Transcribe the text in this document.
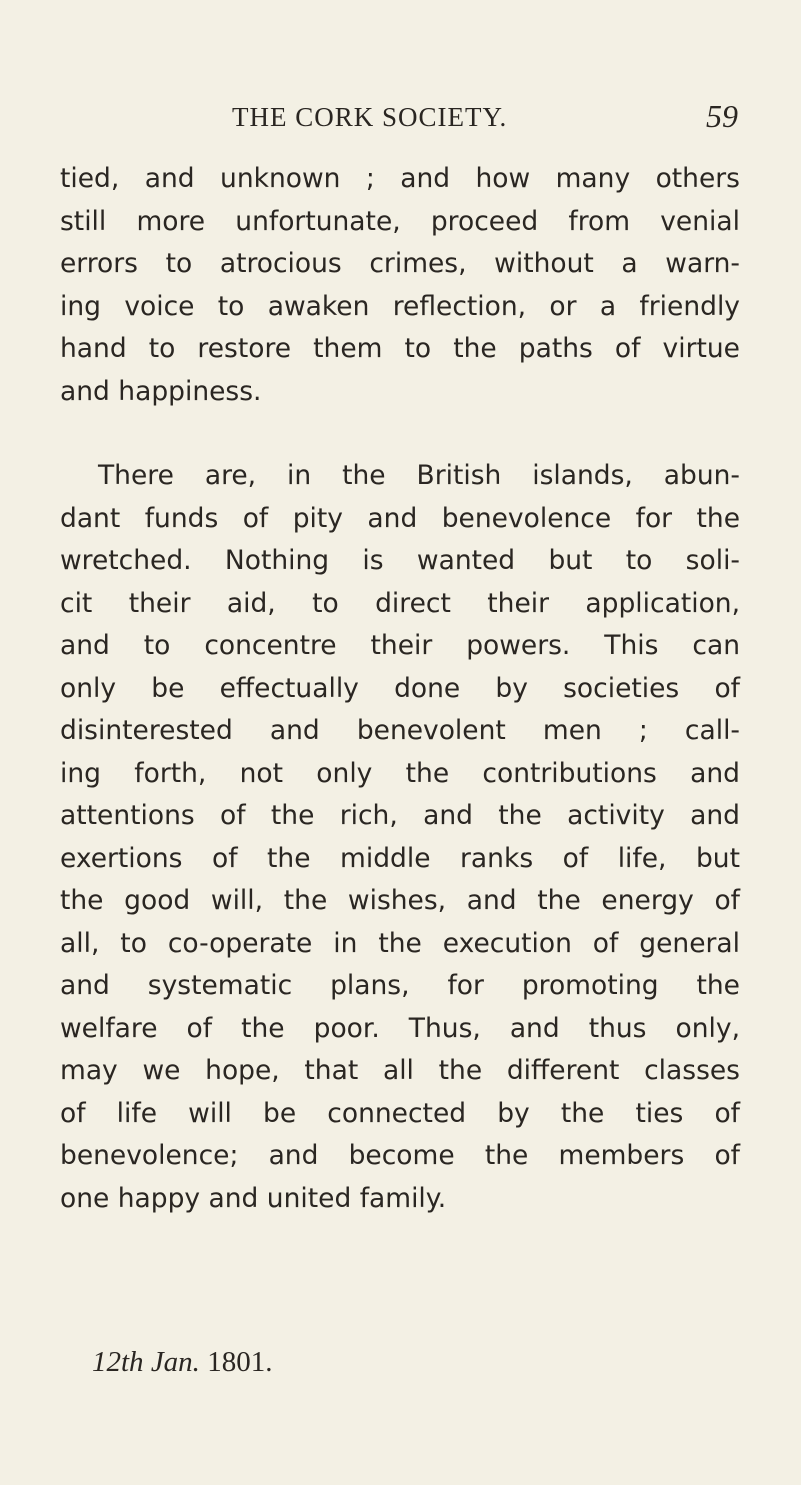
THE CORK SOCIETY.	59
tied, and unknown ; and how many others
still more unfortunate, proceed from venial
errors to atrocious crimes, without a warn-
ing voice to awaken reflection, or a friendly
hand to restore them to the paths of virtue
and happiness.
There are, in the British islands, abun-
dant funds of pity and benevolence for the
wretched. Nothing is wanted but to soli-
cit their aid, to direct their application,
and to concentre their powers. This can
only be effectually done by societies of
disinterested and benevolent men ; call-
ing forth, not only the contributions and
attentions of the rich, and the activity and
exertions of the middle ranks of life, but
the good will, the wishes, and the energy of
all, to co-operate in the execution of general
and systematic plans, for promoting the
welfare of the poor. Thus, and thus only,
may we hope, that all the different classes
of life will be connected by the ties of
benevolence; and become the members of
one happy and united family.
12th Jan. 1801.
